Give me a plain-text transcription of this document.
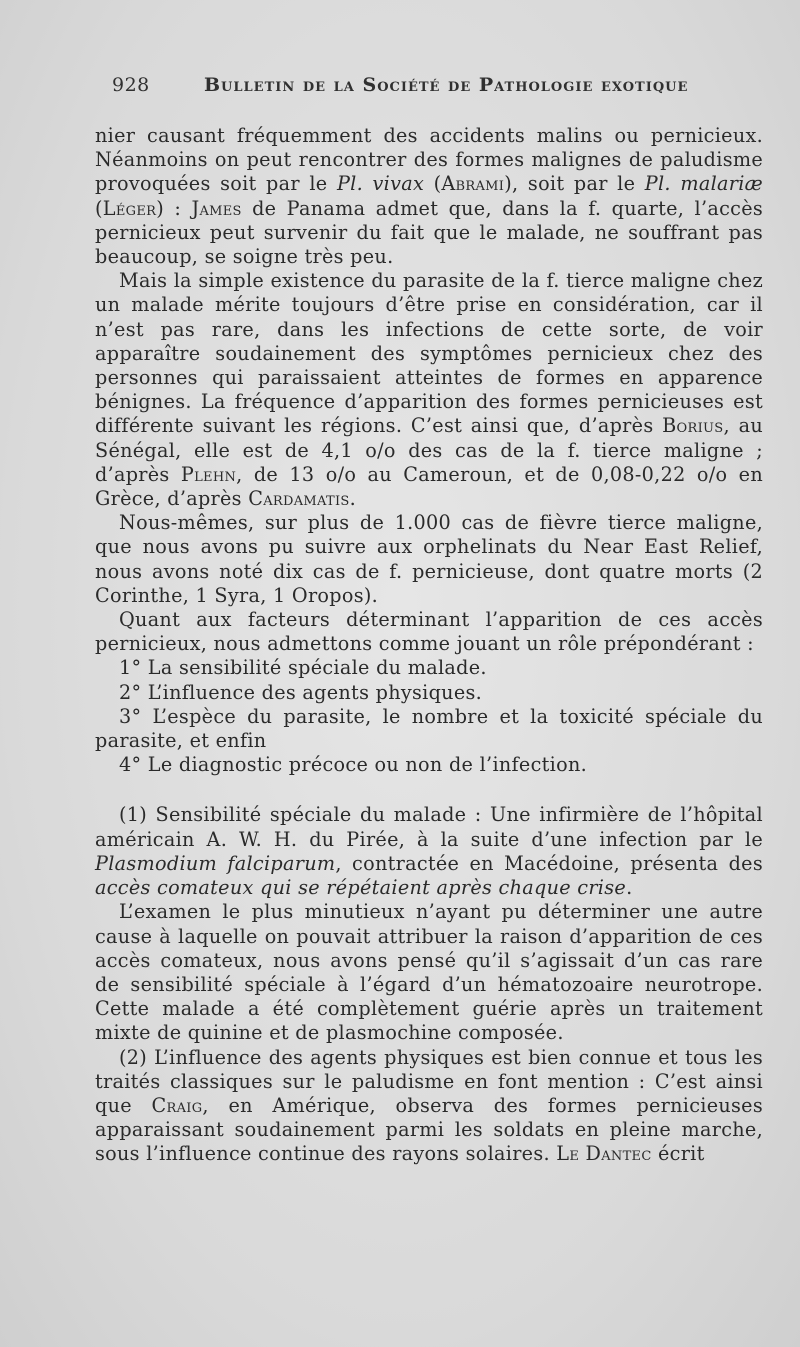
928	Bulletin de la Société de Pathologie exotique

nier causant fréquemment des accidents malins ou pernicieux. Néanmoins on peut rencontrer des formes malignes de paludisme provoquées soit par le Pl. vivax (Abrami), soit par le Pl. malariæ (Léger) : James de Panama admet que, dans la f. quarte, l’accès pernicieux peut survenir du fait que le malade, ne souffrant pas beaucoup, se soigne très peu.

Mais la simple existence du parasite de la f. tierce maligne chez un malade mérite toujours d’être prise en considération, car il n’est pas rare, dans les infections de cette sorte, de voir apparaître soudainement des symptômes pernicieux chez des personnes qui paraissaient atteintes de formes en apparence bénignes. La fréquence d’apparition des formes pernicieuses est différente suivant les régions. C’est ainsi que, d’après Borius, au Sénégal, elle est de 4,1 o/o des cas de la f. tierce maligne ; d’après Plehn, de 13 o/o au Cameroun, et de 0,08-0,22 o/o en Grèce, d’après Cardamatis.

Nous-mêmes, sur plus de 1.000 cas de fièvre tierce maligne, que nous avons pu suivre aux orphelinats du Near East Relief, nous avons noté dix cas de f. pernicieuse, dont quatre morts (2 Corinthe, 1 Syra, 1 Oropos).

Quant aux facteurs déterminant l’apparition de ces accès pernicieux, nous admettons comme jouant un rôle prépondérant :

1° La sensibilité spéciale du malade.

2° L’influence des agents physiques.

3° L’espèce du parasite, le nombre et la toxicité spéciale du parasite, et enfin

4° Le diagnostic précoce ou non de l’infection.

(1) Sensibilité spéciale du malade : Une infirmière de l’hôpital américain A. W. H. du Pirée, à la suite d’une infection par le Plasmodium falciparum, contractée en Macédoine, présenta des accès comateux qui se répétaient après chaque crise.

L’examen le plus minutieux n’ayant pu déterminer une autre cause à laquelle on pouvait attribuer la raison d’apparition de ces accès comateux, nous avons pensé qu’il s’agissait d’un cas rare de sensibilité spéciale à l’égard d’un hématozoaire neurotrope. Cette malade a été complètement guérie après un traitement mixte de quinine et de plasmochine composée.

(2) L’influence des agents physiques est bien connue et tous les traités classiques sur le paludisme en font mention : C’est ainsi que Craig, en Amérique, observa des formes pernicieuses apparaissant soudainement parmi les soldats en pleine marche, sous l’influence continue des rayons solaires. Le Dantec écrit
